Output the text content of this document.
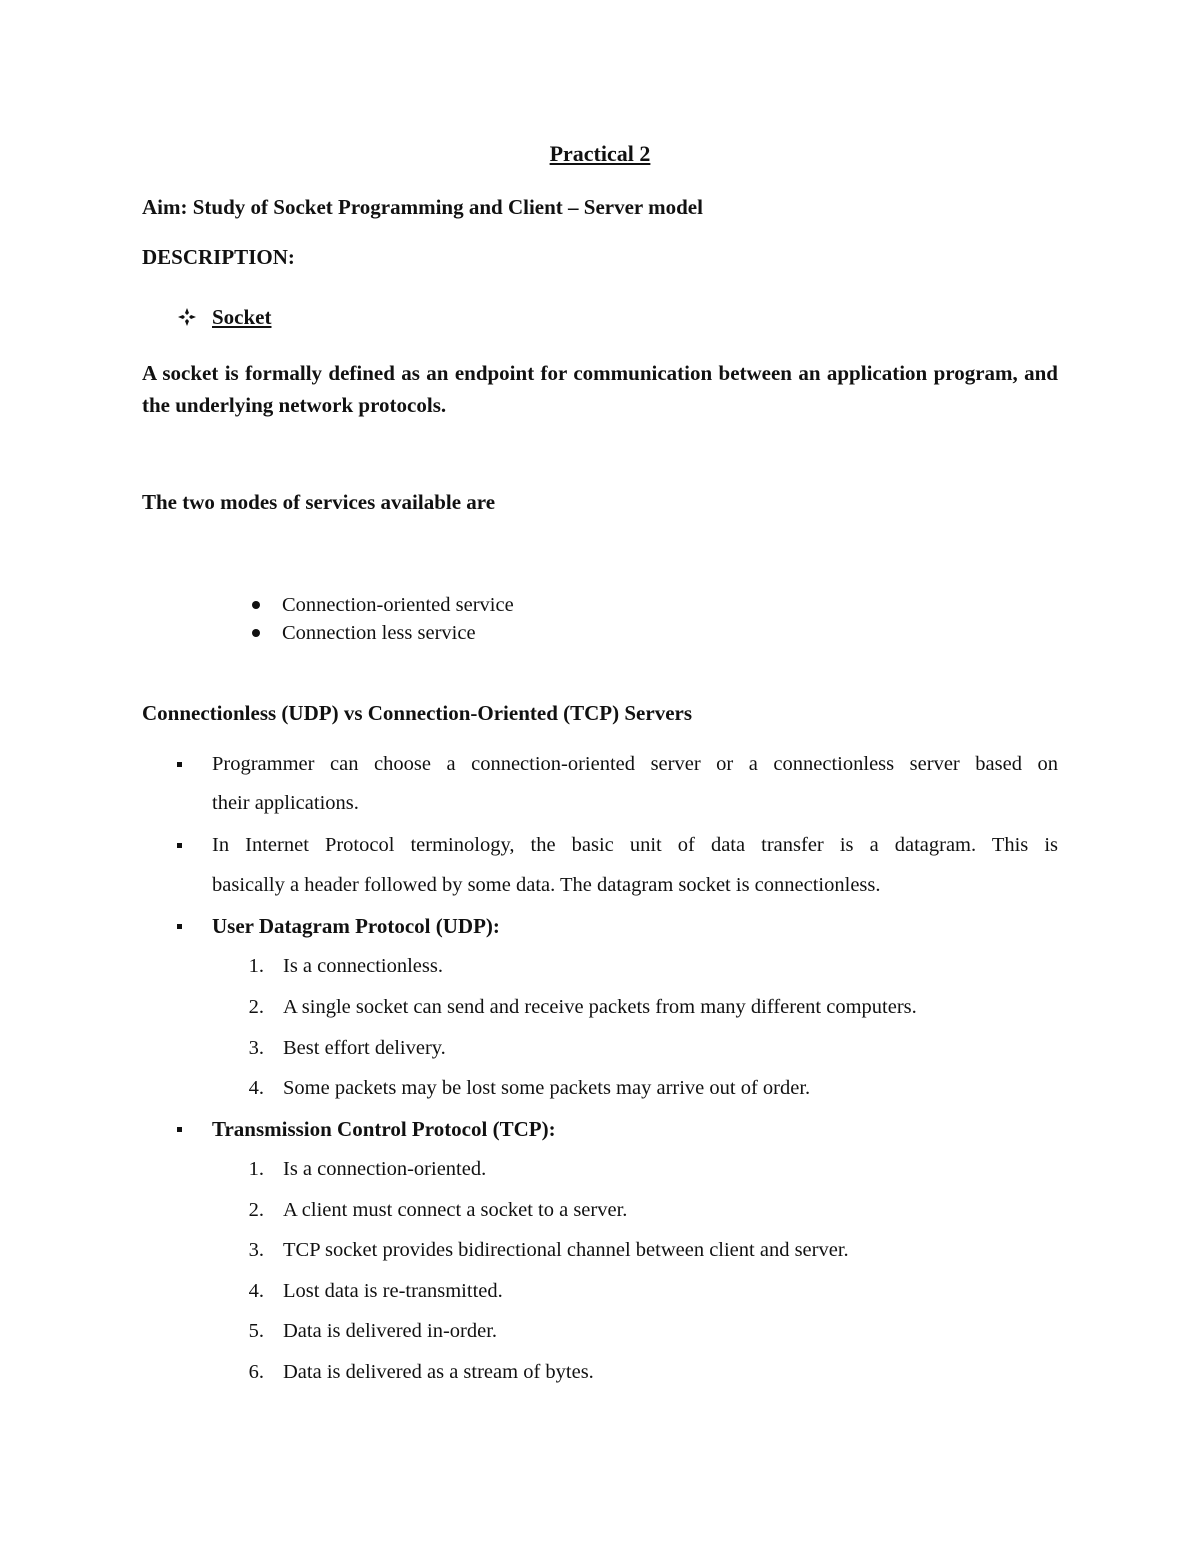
Practical 2
Aim: Study of Socket Programming and Client – Server model
DESCRIPTION:
Socket
A socket is formally defined as an endpoint for communication between an application program, and the underlying network protocols.
The two modes of services available are
Connection-oriented service
Connection less service
Connectionless (UDP) vs Connection-Oriented (TCP) Servers
Programmer can choose a connection-oriented server or a connectionless server based on
their applications.
In Internet Protocol terminology, the basic unit of data transfer is a datagram. This is
basically a header followed by some data. The datagram socket is connectionless.
User Datagram Protocol (UDP):
1. Is a connectionless.
2. A single socket can send and receive packets from many different computers.
3. Best effort delivery.
4. Some packets may be lost some packets may arrive out of order.
Transmission Control Protocol (TCP):
1. Is a connection-oriented.
2. A client must connect a socket to a server.
3. TCP socket provides bidirectional channel between client and server.
4. Lost data is re-transmitted.
5. Data is delivered in-order.
6. Data is delivered as a stream of bytes.
